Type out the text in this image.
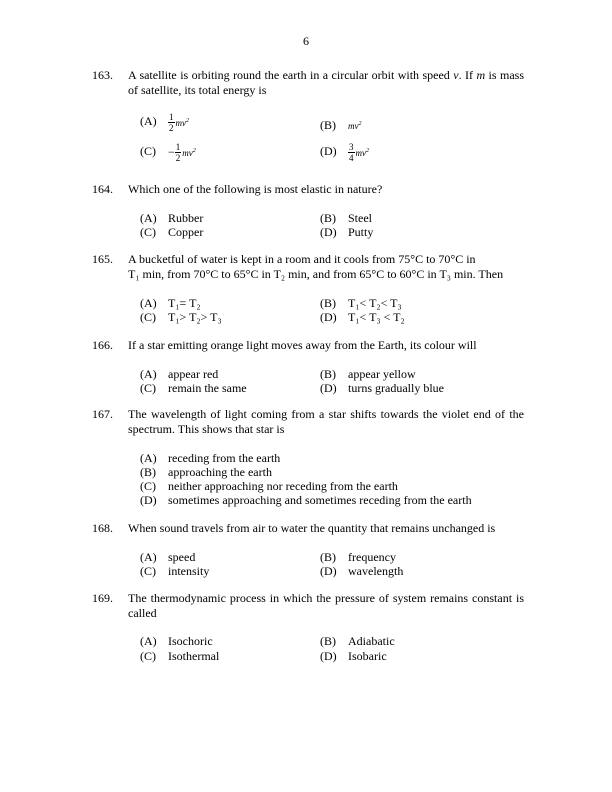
6
163. A satellite is orbiting round the earth in a circular orbit with speed v. If m is mass of satellite, its total energy is
$(A) \frac{1}{2} mv^2$	(B) $mv^2$
$(C) - \frac{1}{2} mv^2$	$(D) \frac{3}{4} mv^2$
164. Which one of the following is most elastic in nature?
(A) Rubber	(B) Steel
(C) Copper	(D) Putty
165. A bucketful of water is kept in a room and it cools from 75°C to 70°C in
T₁ min, from 70°C to 65°C in T₂ min, and from 65°C to 60°C in T₃ min. Then
(A) T₁= T₂	(B) T₁< T₂< T₃
(C) T₁> T₂> T₃	(D) T₁< T₃ < T₂
166. If a star emitting orange light moves away from the Earth, its colour will
(A) appear red	(B) appear yellow
(C) remain the same	(D) turns gradually blue
167. The wavelength of light coming from a star shifts towards the violet end of the spectrum. This shows that star is
(A) receding from the earth
(B) approaching the earth
(C) neither approaching nor receding from the earth
(D) sometimes approaching and sometimes receding from the earth
168. When sound travels from air to water the quantity that remains unchanged is
(A) speed	(B) frequency
(C) intensity	(D) wavelength
169. The thermodynamic process in which the pressure of system remains constant is called
(A) Isochoric	(B) Adiabatic
(C) Isothermal	(D) Isobaric
